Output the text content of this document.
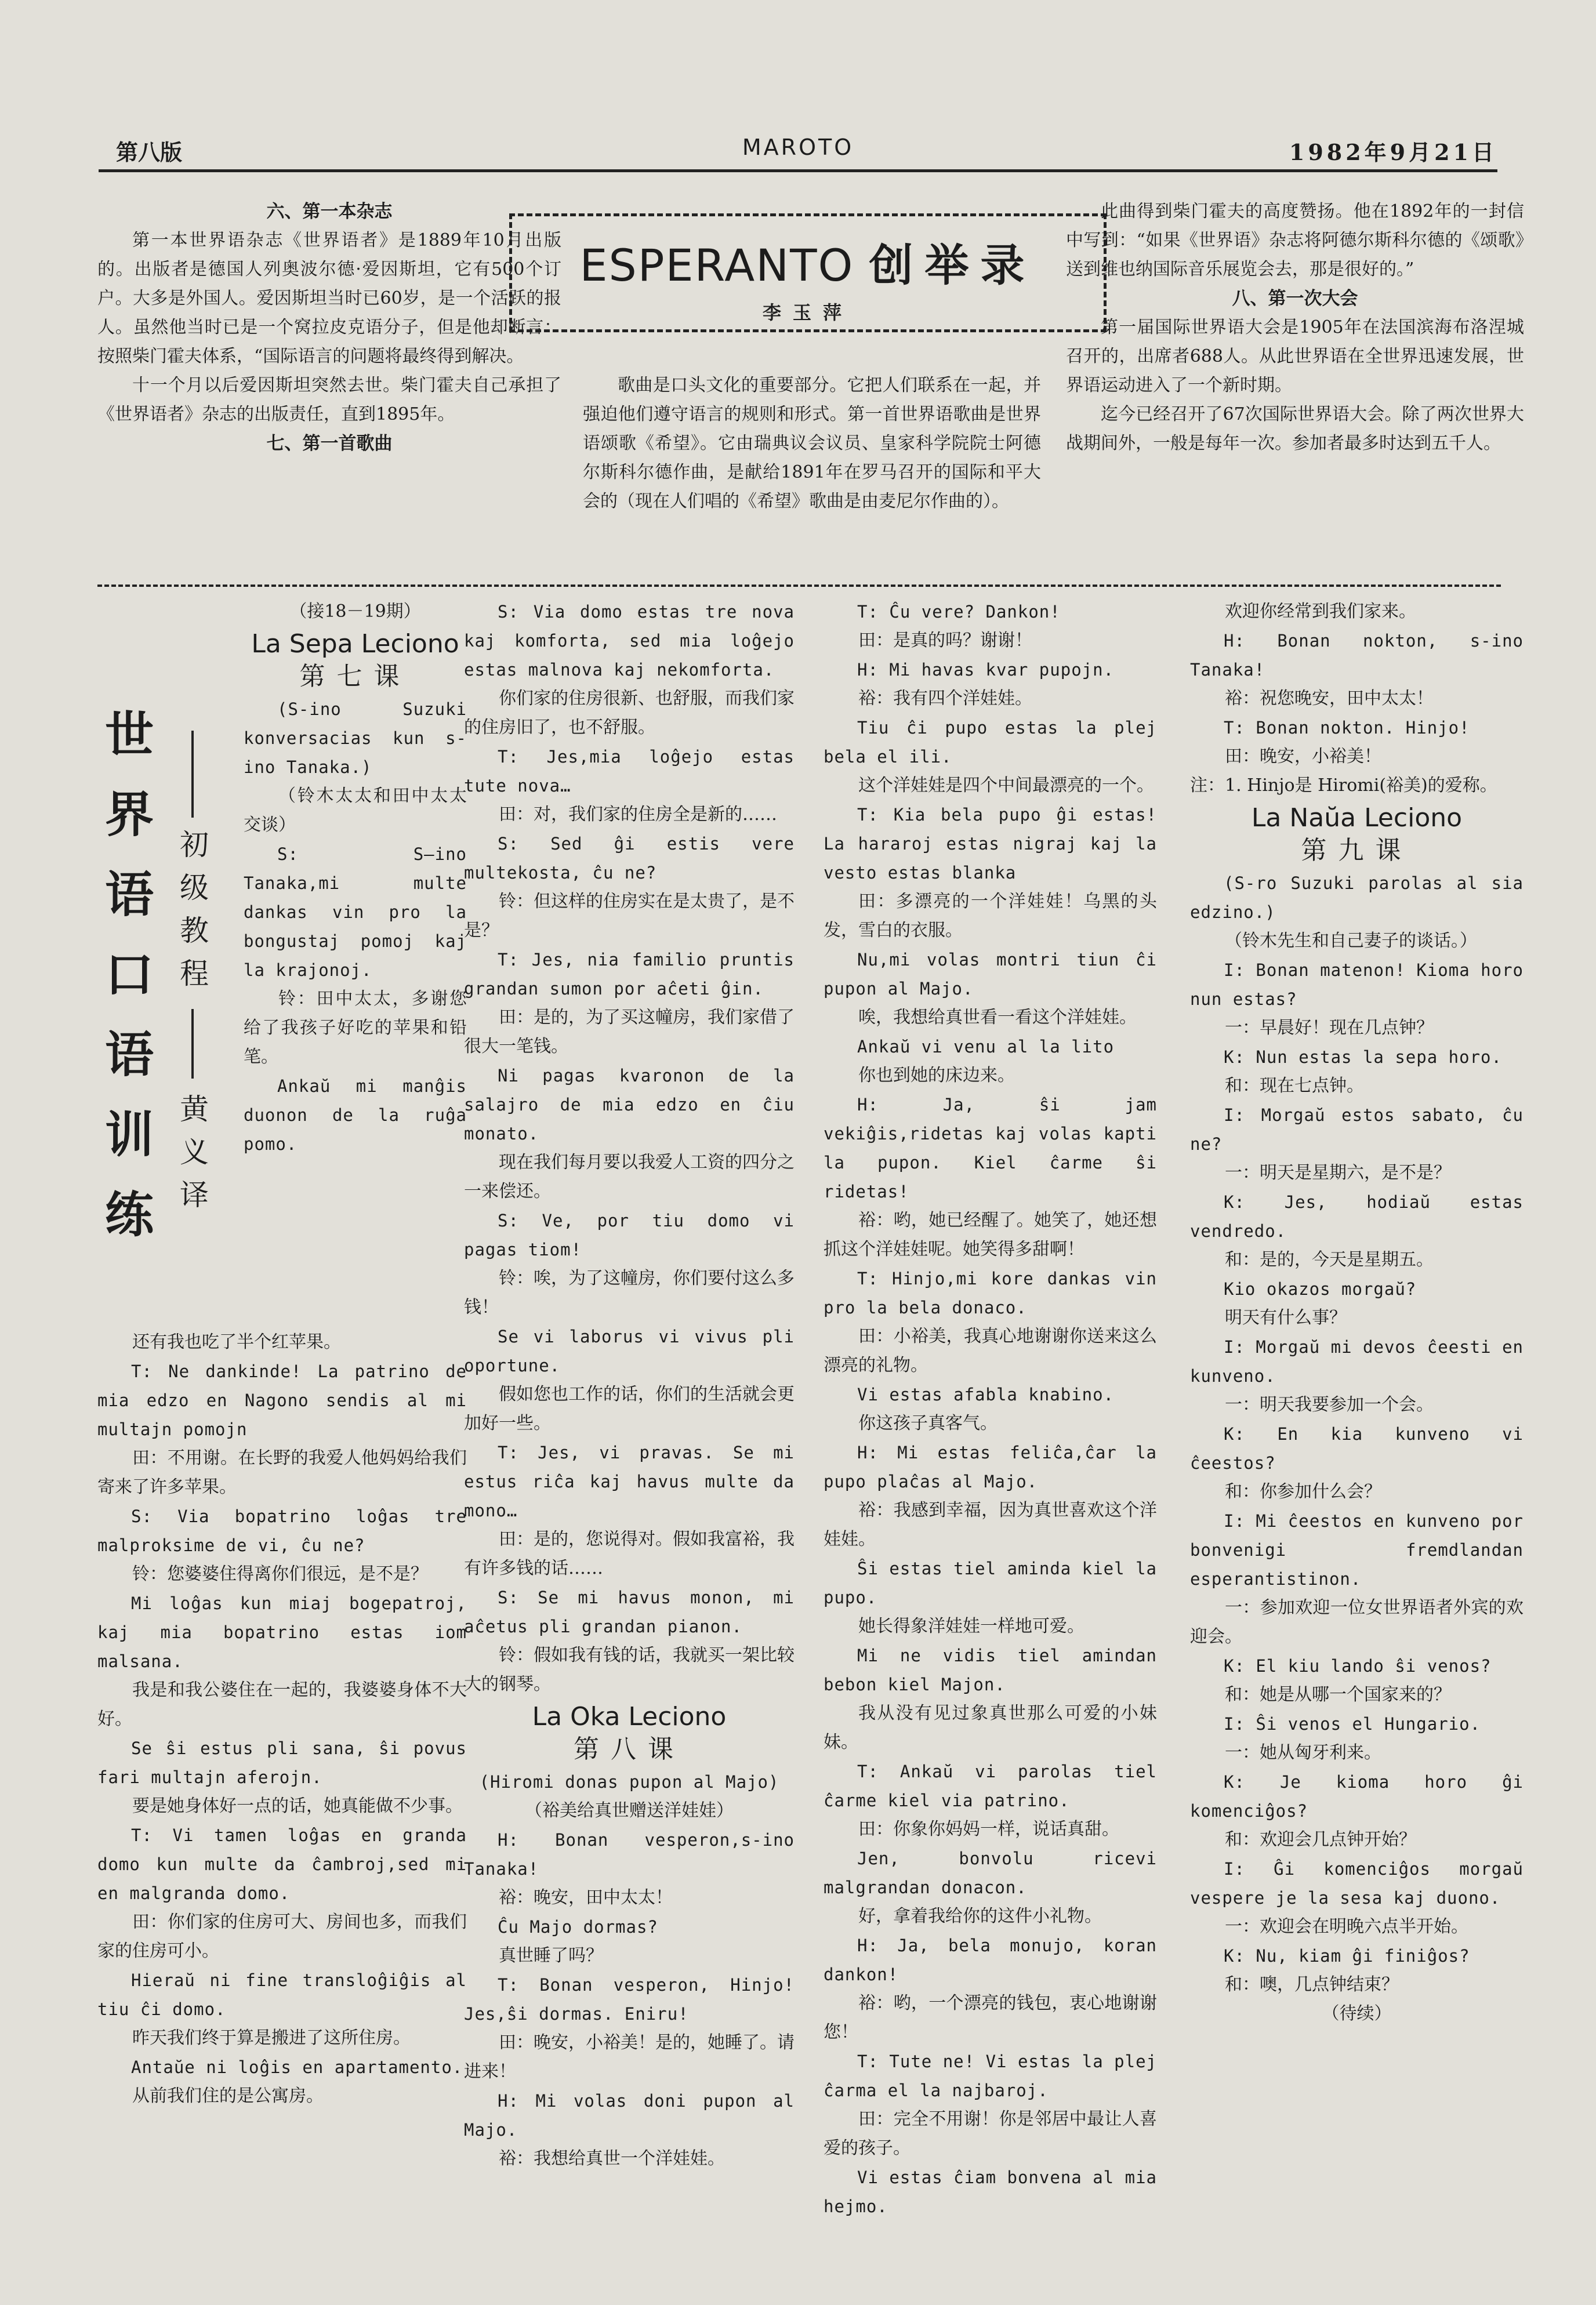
第八版	MAROTO	1982年9月21日
六、第一本杂志

第一本世界语杂志《世界语者》是1889年10月出版的。出版者是德国人列奥波尔德·爱因斯坦，它有500个订户。大多是外国人。爱因斯坦当时已60岁，是一个活跃的报人。虽然他当时已是一个窝拉皮克语分子，但是他却断言：按照柴门霍夫体系，“国际语言的问题将最终得到解决。

十一个月以后爱因斯坦突然去世。柴门霍夫自己承担了《世界语者》杂志的出版责任，直到1895年。

七、第一首歌曲
ESPERANTO 创举录
李玉萍

歌曲是口头文化的重要部分。它把人们联系在一起，并强迫他们遵守语言的规则和形式。第一首世界语歌曲是世界语颂歌《希望》。它由瑞典议会议员、皇家科学院院士阿德尔斯科尔德作曲，是献给1891年在罗马召开的国际和平大会的（现在人们唱的《希望》歌曲是由麦尼尔作曲的）。

此曲得到柴门霍夫的高度赞扬。他在1892年的一封信中写到：“如果《世界语》杂志将阿德尔斯科尔德的《颂歌》送到维也纳国际音乐展览会去，那是很好的。”

八、第一次大会

第一届国际世界语大会是1905年在法国滨海布洛涅城召开的，出席者688人。从此世界语在全世界迅速发展，世界语运动进入了一个新时期。

迄今已经召开了67次国际世界语大会。除了两次世界大战期间外，一般是每年一次。参加者最多时达到五千人。

世界语口语训练
初级教程
黄义译

（接18－19期）

La Sepa Leciono
第七课

(S-ino Suzuki konversacias kun s-ino Tanaka.)

（铃木太太和田中太太交谈）

S: S—ino Tanaka,mi multe dankas vin pro la bongustaj pomoj kaj la krajonoj.

铃：田中太太，多谢您给了我孩子好吃的苹果和铅笔。

Ankaŭ mi manĝis duonon de la ruĝa pomo.

还有我也吃了半个红苹果。

T: Ne dankinde! La patrino de mia edzo en Nagono sendis al mi multajn pomojn

田：不用谢。在长野的我爱人他妈妈给我们寄来了许多苹果。

S: Via bopatrino loĝas tre malproksime de vi, ĉu ne?

铃：您婆婆住得离你们很远，是不是？

Mi loĝas kun miaj bogepatroj, kaj mia bopatrino estas iom malsana.

我是和我公婆住在一起的，我婆婆身体不大好。

Se ŝi estus pli sana, ŝi povus fari multajn aferojn.

要是她身体好一点的话，她真能做不少事。

T: Vi tamen loĝas en granda domo kun multe da ĉambroj,sed mi en malgranda domo.

田：你们家的住房可大、房间也多，而我们家的住房可小。

Hieraŭ ni fine transloĝiĝis al tiu ĉi domo.

昨天我们终于算是搬进了这所住房。

Antaŭe ni loĝis en apartamento.

从前我们住的是公寓房。

S: Via domo estas tre nova kaj komforta, sed mia loĝejo estas malnova kaj nekomforta.

你们家的住房很新、也舒服，而我们家的住房旧了，也不舒服。

T: Jes,mia loĝejo estas tute nova…

田：对，我们家的住房全是新的……

S: Sed ĝi estis vere multekosta, ĉu ne?

铃：但这样的住房实在是太贵了，是不是？

T: Jes, nia familio pruntis grandan sumon por aĉeti ĝin.

田：是的，为了买这幢房，我们家借了很大一笔钱。

Ni pagas kvaronon de la salajro de mia edzo en ĉiu monato.

现在我们每月要以我爱人工资的四分之一来偿还。

S: Ve, por tiu domo vi pagas tiom!

铃：唉，为了这幢房，你们要付这么多钱！

Se vi laborus vi vivus pli oportune.

假如您也工作的话，你们的生活就会更加好一些。

T: Jes, vi pravas. Se mi estus riĉa kaj havus multe da mono…

田：是的，您说得对。假如我富裕，我有许多钱的话……

S: Se mi havus monon, mi aĉetus pli grandan pianon.

铃：假如我有钱的话，我就买一架比较大的钢琴。

La Oka Leciono
第八课

(Hiromi donas pupon al Majo)

（裕美给真世赠送洋娃娃）

H: Bonan vesperon,s-ino Tanaka!

裕：晚安，田中太太！

Ĉu Majo dormas?

真世睡了吗？

T: Bonan vesperon, Hinjo! Jes,ŝi dormas. Eniru!

田：晚安，小裕美！是的，她睡了。请进来！

H: Mi volas doni pupon al Majo.

裕：我想给真世一个洋娃娃。

T: Ĉu vere? Dankon!

田：是真的吗？谢谢！

H: Mi havas kvar pupojn.

裕：我有四个洋娃娃。

Tiu ĉi pupo estas la plej bela el ili.

这个洋娃娃是四个中间最漂亮的一个。

T: Kia bela pupo ĝi estas! La hararoj estas nigraj kaj la vesto estas blanka

田：多漂亮的一个洋娃娃！乌黑的头发，雪白的衣服。

Nu,mi volas montri tiun ĉi pupon al Majo.

唉，我想给真世看一看这个洋娃娃。

Ankaŭ vi venu al la lito

你也到她的床边来。

H: Ja, ŝi jam vekiĝis,ridetas kaj volas kapti la pupon. Kiel ĉarme ŝi ridetas!

裕：哟，她已经醒了。她笑了，她还想抓这个洋娃娃呢。她笑得多甜啊！

T: Hinjo,mi kore dankas vin pro la bela donaco.

田：小裕美，我真心地谢谢你送来这么漂亮的礼物。

Vi estas afabla knabino.

你这孩子真客气。

H: Mi estas feliĉa,ĉar la pupo plaĉas al Majo.

裕：我感到幸福，因为真世喜欢这个洋娃娃。

Ŝi estas tiel aminda kiel la pupo.

她长得象洋娃娃一样地可爱。

Mi ne vidis tiel amindan bebon kiel Majon.

我从没有见过象真世那么可爱的小妹妹。

T: Ankaŭ vi parolas tiel ĉarme kiel via patrino.

田：你象你妈妈一样，说话真甜。

Jen, bonvolu ricevi malgrandan donacon.

好，拿着我给你的这件小礼物。

H: Ja, bela monujo, koran dankon!

裕：哟，一个漂亮的钱包，衷心地谢谢您！

T: Tute ne! Vi estas la plej ĉarma el la najbaroj.

田：完全不用谢！你是邻居中最让人喜爱的孩子。

Vi estas ĉiam bonvena al mia hejmo.

欢迎你经常到我们家来。

H: Bonan nokton, s-ino Tanaka!

裕：祝您晚安，田中太太！

T: Bonan nokton. Hinjo!

田：晚安，小裕美！

注：1. Hinjo是 Hiromi(裕美)的爱称。

La Naŭa Leciono
第九课

(S-ro Suzuki parolas al sia edzino.)

（铃木先生和自己妻子的谈话。）

I: Bonan matenon! Kioma horo nun estas?

一：早晨好！现在几点钟？

K: Nun estas la sepa horo.

和：现在七点钟。

I: Morgaŭ estos sabato, ĉu ne?

一：明天是星期六，是不是？

K: Jes, hodiaŭ estas vendredo.

和：是的，今天是星期五。

Kio okazos morgaŭ?

明天有什么事？

I: Morgaŭ mi devos ĉeesti en kunveno.

一：明天我要参加一个会。

K: En kia kunveno vi ĉeestos?

和：你参加什么会？

I: Mi ĉeestos en kunveno por bonvenigi fremdlandan esperantistinon.

一：参加欢迎一位女世界语者外宾的欢迎会。

K: El kiu lando ŝi venos?

和：她是从哪一个国家来的？

I: Ŝi venos el Hungario.

一：她从匈牙利来。

K: Je kioma horo ĝi komenciĝos?

和：欢迎会几点钟开始？

I: Ĝi komenciĝos morgaŭ vespere je la sesa kaj duono.

一：欢迎会在明晚六点半开始。

K: Nu, kiam ĝi finiĝos?

和：噢，几点钟结束？

（待续）
